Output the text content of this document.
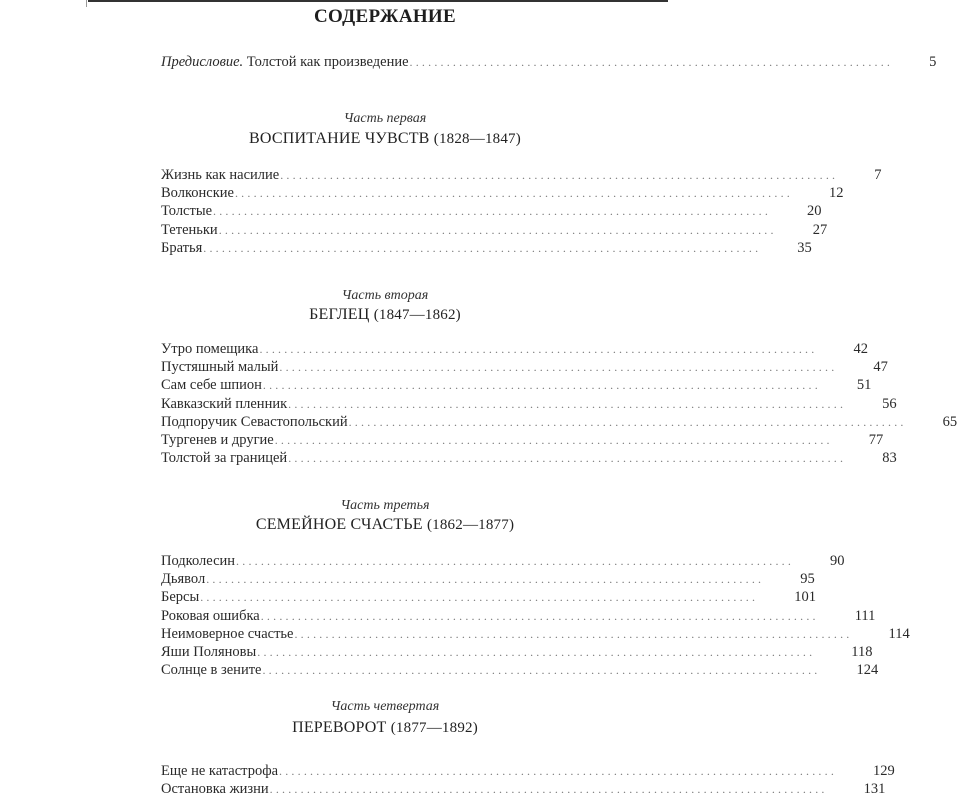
СОДЕРЖАНИЕ
Предисловие. Толстой как произведение .............................................................................. 5
Часть первая
ВОСПИТАНИЕ ЧУВСТВ (1828—1847)
Часть вторая
БЕГЛЕЦ (1847—1862)
Часть третья
СЕМЕЙНОЕ СЧАСТЬЕ (1862—1877)
Часть четвертая
ПЕРЕВОРОТ (1877—1892)
Жизнь как насилие .......................................................................................... 7
Волконские .......................................................................................... 12
Толстые .......................................................................................... 20
Тетеньки .......................................................................................... 27
Братья .......................................................................................... 35
Утро помещика .......................................................................................... 42
Пустяшный малый .......................................................................................... 47
Сам себе шпион .......................................................................................... 51
Кавказский пленник .......................................................................................... 56
Подпоручик Севастопольский .......................................................................................... 65
Тургенев и другие .......................................................................................... 77
Толстой за границей .......................................................................................... 83
Подколесин .......................................................................................... 90
Дьявол .......................................................................................... 95
Берсы .......................................................................................... 101
Роковая ошибка .......................................................................................... 111
Неимоверное счастье .......................................................................................... 114
Яши Поляновы .......................................................................................... 118
Солнце в зените .......................................................................................... 124
Еще не катастрофа .......................................................................................... 129
Остановка жизни .......................................................................................... 131
